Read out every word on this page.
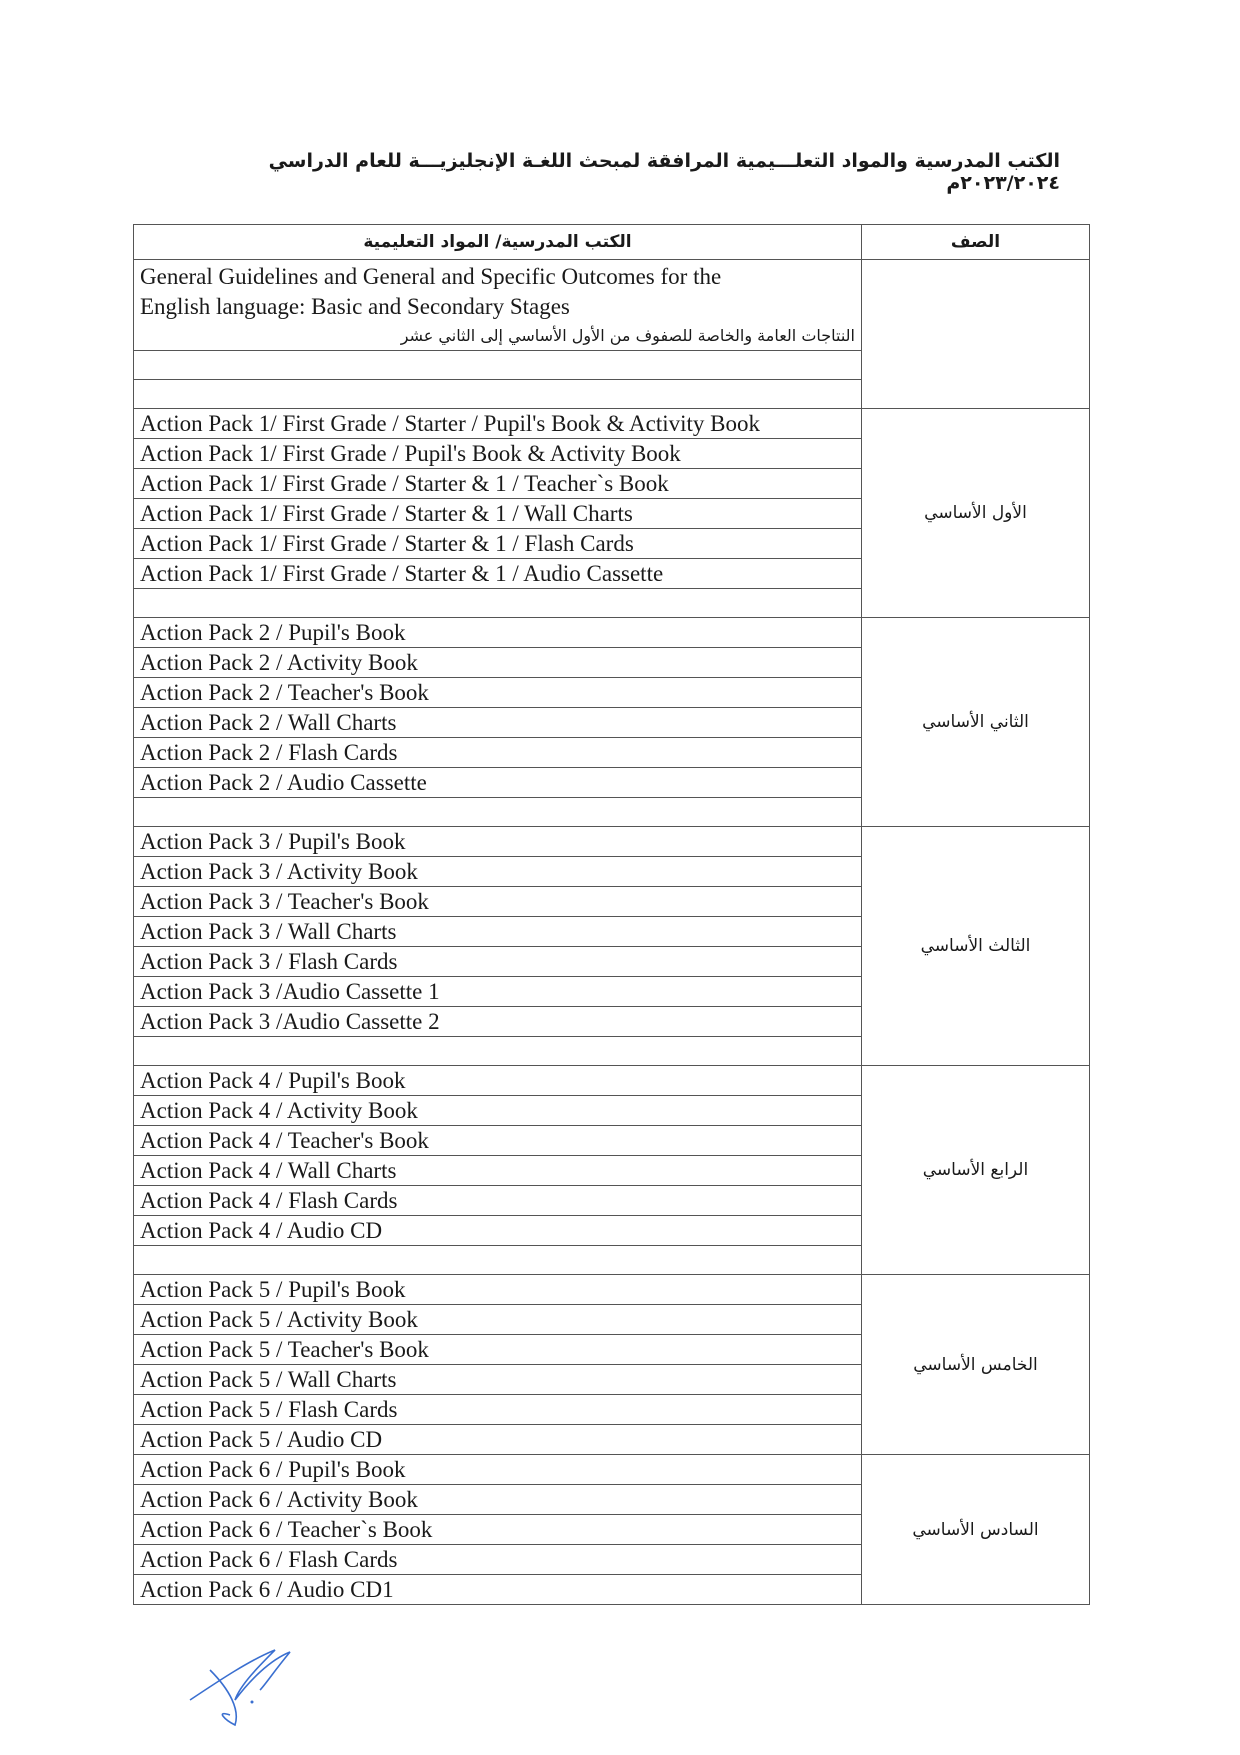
الكتب المدرسية والمواد التعلـــيمية المرافقة لمبحث اللغـة الإنجليزيـــة للعام الدراسي ٢٠٢٣/٢٠٢٤م
الكتب المدرسية/ المواد التعليمية	الصف

General Guidelines and General and Specific Outcomes for the
English language: Basic and Secondary Stages
النتاجات العامة والخاصة للصفوف من الأول الأساسي إلى الثاني عشر	

Action Pack 1/ First Grade / Starter / Pupil's Book & Activity Book	الأول الأساسي
Action Pack 1/ First Grade / Pupil's Book & Activity Book	
Action Pack 1/ First Grade / Starter & 1 / Teacher`s Book	
Action Pack 1/ First Grade / Starter & 1 / Wall Charts	
Action Pack 1/ First Grade / Starter & 1 / Flash Cards	
Action Pack 1/ First Grade / Starter & 1 / Audio Cassette	

Action Pack 2 / Pupil's Book	الثاني الأساسي
Action Pack 2 / Activity Book	
Action Pack 2 / Teacher's Book	
Action Pack 2 / Wall Charts	
Action Pack 2 / Flash Cards	
Action Pack 2 / Audio Cassette	

Action Pack 3 / Pupil's Book	الثالث الأساسي
Action Pack 3 / Activity Book	
Action Pack 3 / Teacher's Book	
Action Pack 3 / Wall Charts	
Action Pack 3 / Flash Cards	
Action Pack 3 /Audio Cassette 1	
Action Pack 3 /Audio Cassette 2	

Action Pack 4 / Pupil's Book	الرابع الأساسي
Action Pack 4 / Activity Book	
Action Pack 4 / Teacher's Book	
Action Pack 4 / Wall Charts	
Action Pack 4 / Flash Cards	
Action Pack 4 / Audio CD	

Action Pack 5 / Pupil's Book	الخامس الأساسي
Action Pack 5 / Activity Book	
Action Pack 5 / Teacher's Book	
Action Pack 5 / Wall Charts	
Action Pack 5 / Flash Cards	
Action Pack 5 / Audio CD	
Action Pack 6 / Pupil's Book	السادس الأساسي
Action Pack 6 / Activity Book	
Action Pack 6 / Teacher`s Book	
Action Pack 6 / Flash Cards	
Action Pack 6 / Audio CD1	
